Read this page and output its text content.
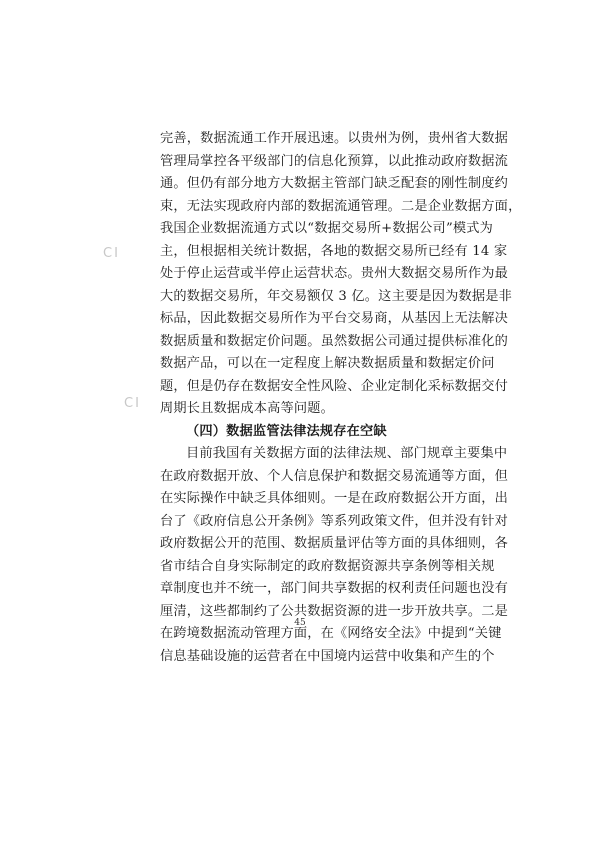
CI
CI
完善，数据流通工作开展迅速。以贵州为例，贵州省大数据
管理局掌控各平级部门的信息化预算，以此推动政府数据流
通。但仍有部分地方大数据主管部门缺乏配套的刚性制度约
束，无法实现政府内部的数据流通管理。二是企业数据方面，
我国企业数据流通方式以“数据交易所+数据公司”模式为
主，但根据相关统计数据，各地的数据交易所已经有 14 家
处于停止运营或半停止运营状态。贵州大数据交易所作为最
大的数据交易所，年交易额仅 3 亿。这主要是因为数据是非
标品，因此数据交易所作为平台交易商，从基因上无法解决
数据质量和数据定价问题。虽然数据公司通过提供标准化的
数据产品，可以在一定程度上解决数据质量和数据定价问
题，但是仍存在数据安全性风险、企业定制化采标数据交付
周期长且数据成本高等问题。
（四）数据监管法律法规存在空缺
目前我国有关数据方面的法律法规、部门规章主要集中
在政府数据开放、个人信息保护和数据交易流通等方面，但
在实际操作中缺乏具体细则。一是在政府数据公开方面，出
台了《政府信息公开条例》等系列政策文件，但并没有针对
政府数据公开的范围、数据质量评估等方面的具体细则，各
省市结合自身实际制定的政府数据资源共享条例等相关规
章制度也并不统一，部门间共享数据的权利责任问题也没有
厘清，这些都制约了公共数据资源的进一步开放共享。二是
在跨境数据流动管理方面，在《网络安全法》中提到“关键
信息基础设施的运营者在中国境内运营中收集和产生的个
45
